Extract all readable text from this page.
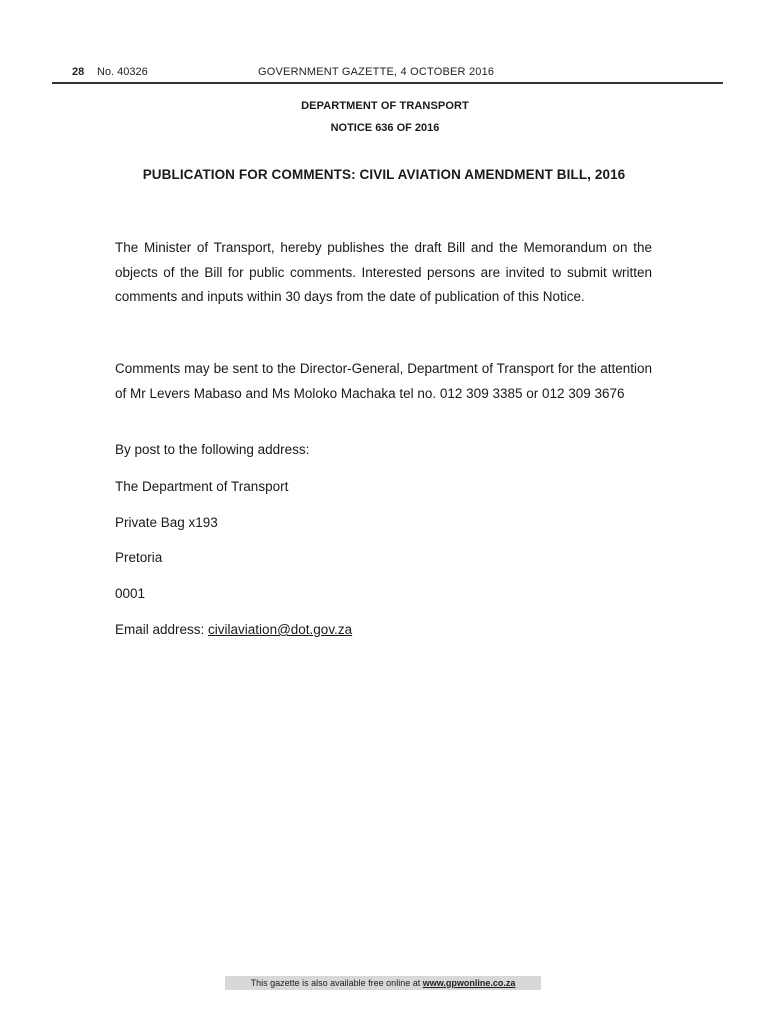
28 No. 40326	GOVERNMENT GAZETTE, 4 OCTOBER 2016
DEPARTMENT OF TRANSPORT
NOTICE 636 OF 2016
PUBLICATION FOR COMMENTS: CIVIL AVIATION AMENDMENT BILL, 2016
The Minister of Transport, hereby publishes the draft Bill and the Memorandum on the objects of the Bill for public comments. Interested persons are invited to submit written comments and inputs within 30 days from the date of publication of this Notice.
Comments may be sent to the Director-General, Department of Transport for the attention of Mr Levers Mabaso and Ms Moloko Machaka tel no. 012 309 3385 or 012 309 3676
By post to the following address:
The Department of Transport
Private Bag x193
Pretoria
0001
Email address: civilaviation@dot.gov.za
This gazette is also available free online at www.gpwonline.co.za
